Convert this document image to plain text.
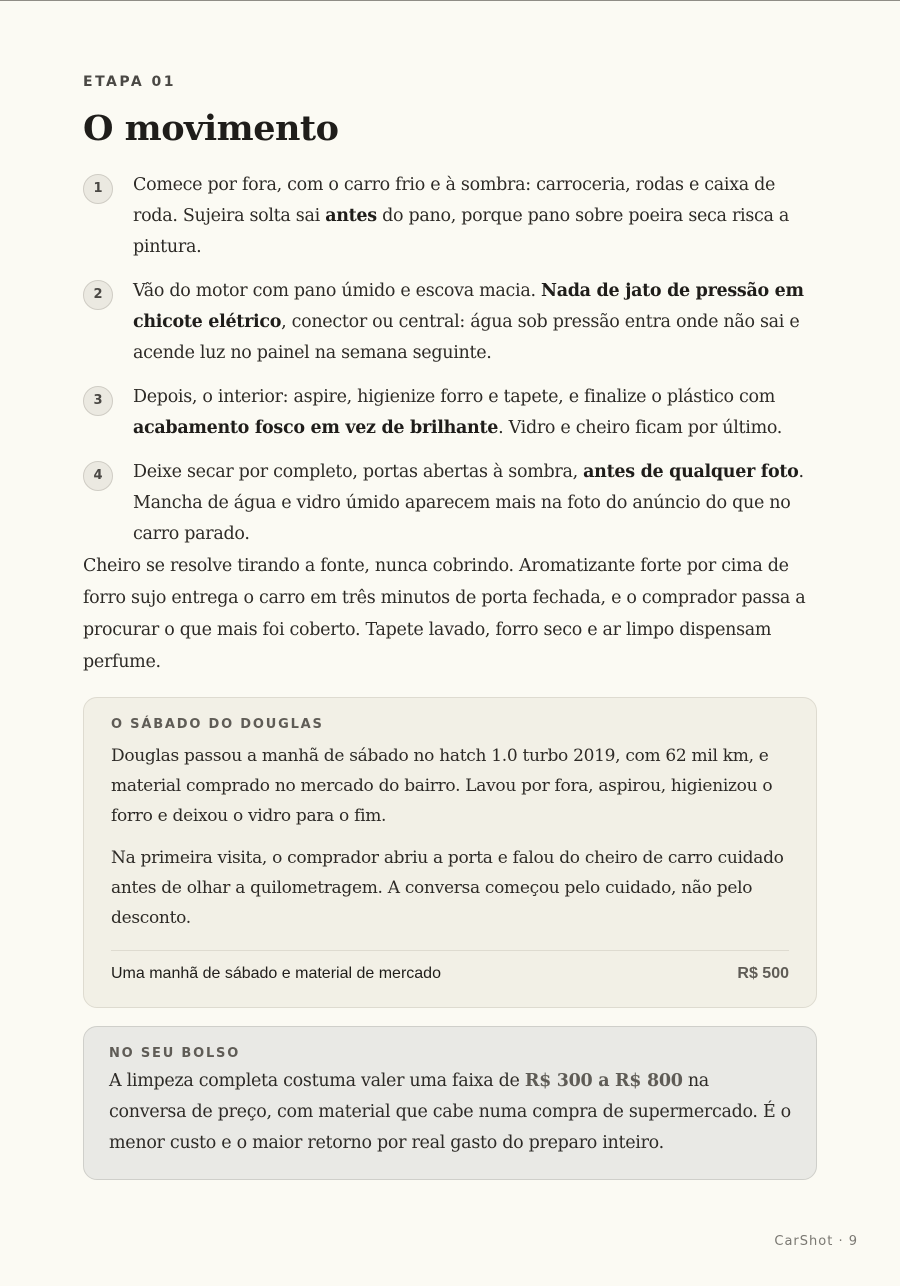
ETAPA 01
O movimento
1	Comece por fora, com o carro frio e à sombra: carroceria, rodas e caixa de roda. Sujeira solta sai antes do pano, porque pano sobre poeira seca risca a pintura.
2	Vão do motor com pano úmido e escova macia. Nada de jato de pressão em chicote elétrico, conector ou central: água sob pressão entra onde não sai e acende luz no painel na semana seguinte.
3	Depois, o interior: aspire, higienize forro e tapete, e finalize o plástico com acabamento fosco em vez de brilhante. Vidro e cheiro ficam por último.
4	Deixe secar por completo, portas abertas à sombra, antes de qualquer foto. Mancha de água e vidro úmido aparecem mais na foto do anúncio do que no carro parado.

Cheiro se resolve tirando a fonte, nunca cobrindo. Aromatizante forte por cima de forro sujo entrega o carro em três minutos de porta fechada, e o comprador passa a procurar o que mais foi coberto. Tapete lavado, forro seco e ar limpo dispensam perfume.

O SÁBADO DO DOUGLAS

Douglas passou a manhã de sábado no hatch 1.0 turbo 2019, com 62 mil km, e material comprado no mercado do bairro. Lavou por fora, aspirou, higienizou o forro e deixou o vidro para o fim.

Na primeira visita, o comprador abriu a porta e falou do cheiro de carro cuidado antes de olhar a quilometragem. A conversa começou pelo cuidado, não pelo desconto.

Uma manhã de sábado e material de mercado	R$ 500
NO SEU BOLSO

A limpeza completa costuma valer uma faixa de R$ 300 a R$ 800 na conversa de preço, com material que cabe numa compra de supermercado. É o menor custo e o maior retorno por real gasto do preparo inteiro.

CarShot · 9
